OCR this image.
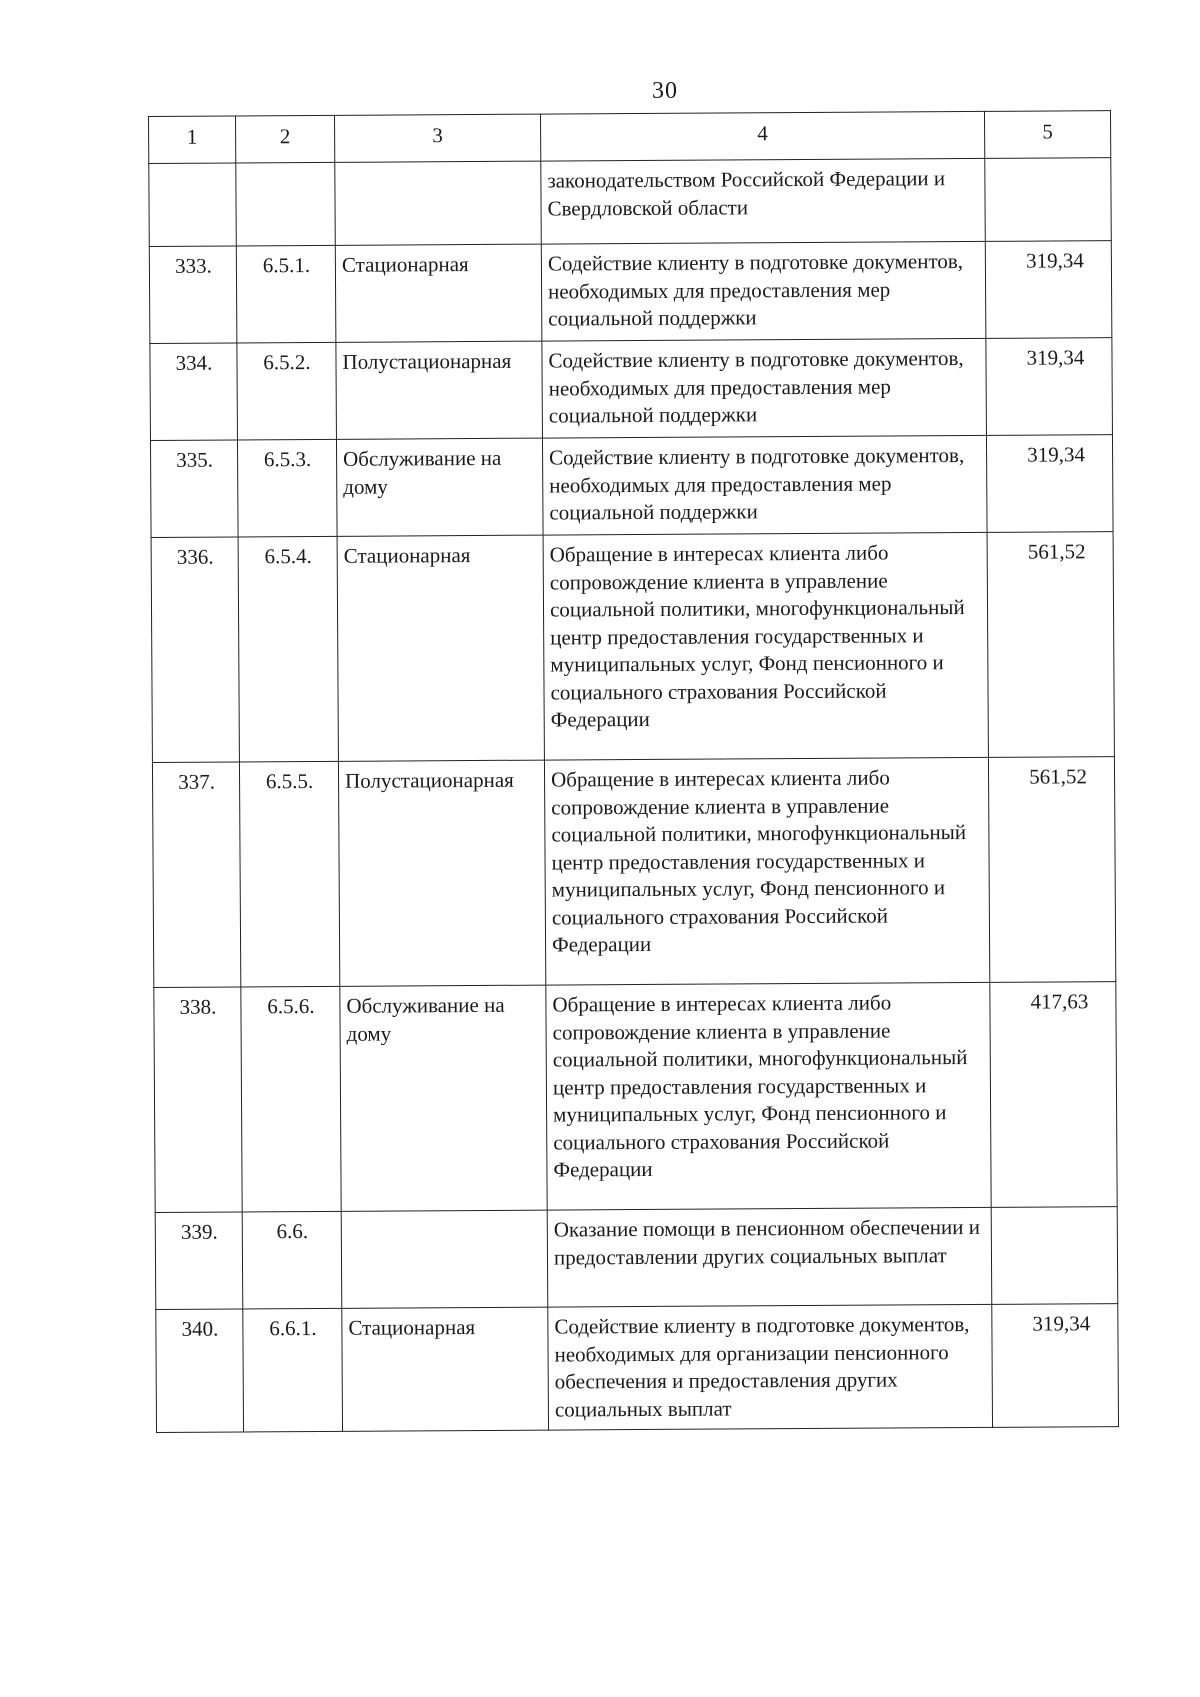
30
1	2	3	4	5
			законодательством Российской Федерации и Свердловской области	
333.	6.5.1.	Стационарная	Содействие клиенту в подготовке документов, необходимых для предоставления мер социальной поддержки	319,34
334.	6.5.2.	Полустационарная	Содействие клиенту в подготовке документов, необходимых для предоставления мер социальной поддержки	319,34
335.	6.5.3.	Обслуживание на дому	Содействие клиенту в подготовке документов, необходимых для предоставления мер социальной поддержки	319,34
336.	6.5.4.	Стационарная	Обращение в интересах клиента либо сопровождение клиента в управление социальной политики, многофункциональный центр предоставления государственных и муниципальных услуг, Фонд пенсионного и социального страхования Российской Федерации	561,52
337.	6.5.5.	Полустационарная	Обращение в интересах клиента либо сопровождение клиента в управление социальной политики, многофункциональный центр предоставления государственных и муниципальных услуг, Фонд пенсионного и социального страхования Российской Федерации	561,52
338.	6.5.6.	Обслуживание на дому	Обращение в интересах клиента либо сопровождение клиента в управление социальной политики, многофункциональный центр предоставления государственных и муниципальных услуг, Фонд пенсионного и социального страхования Российской Федерации	417,63
339.	6.6.		Оказание помощи в пенсионном обеспечении и предоставлении других социальных выплат	
340.	6.6.1.	Стационарная	Содействие клиенту в подготовке документов, необходимых для организации пенсионного обеспечения и предоставления других социальных выплат	319,34
